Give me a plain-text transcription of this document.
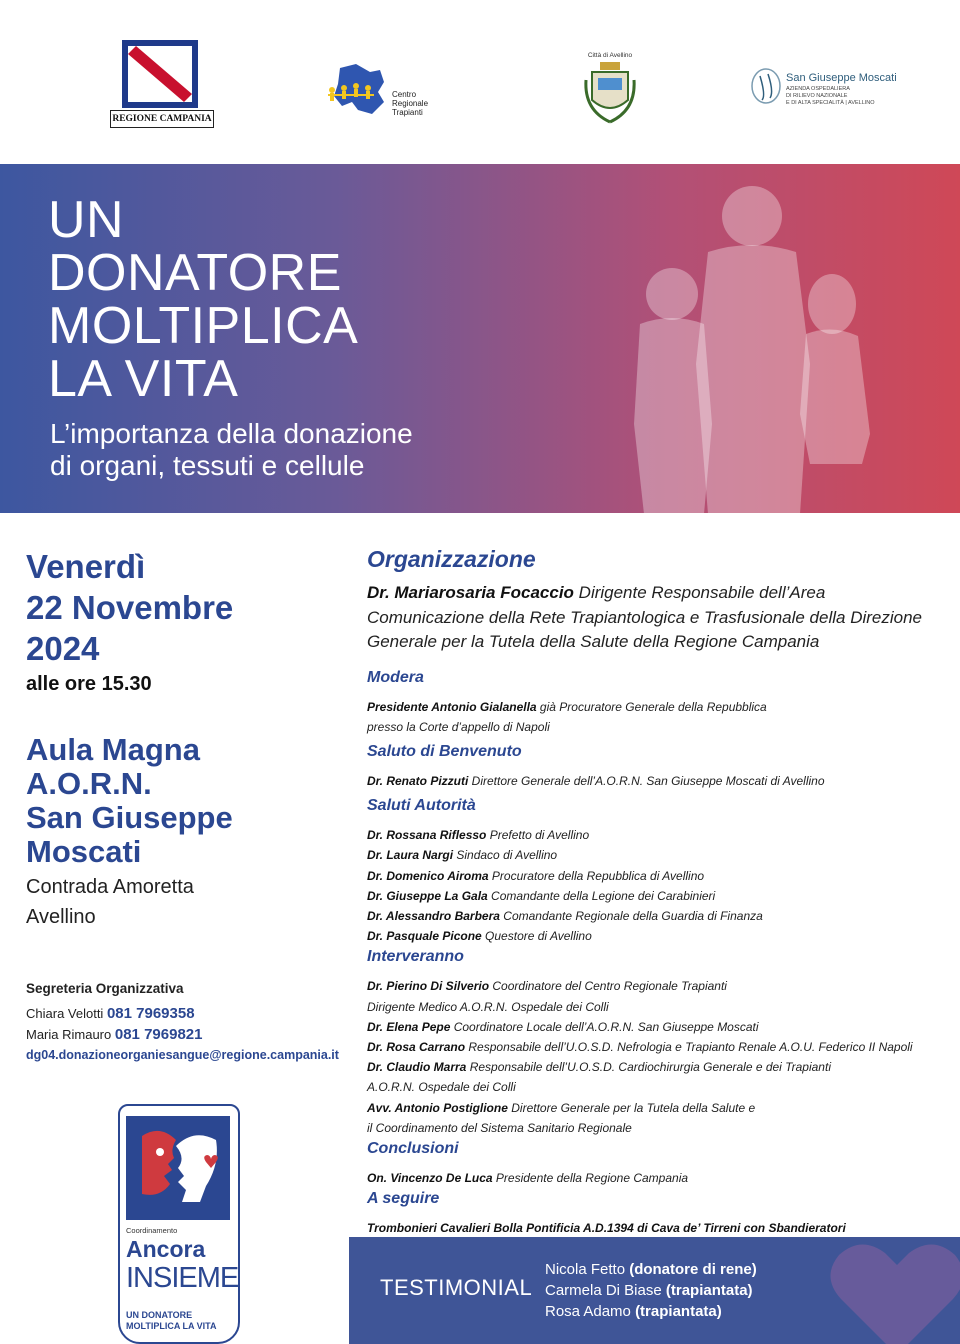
REGIONE CAMPANIA
Centro
Regionale
Trapianti
Città di Avellino
San Giuseppe Moscati
AZIENDA OSPEDALIERA
DI RILIEVO NAZIONALE
E DI ALTA SPECIALITÀ | AVELLINO
UN
DONATORE
MOLTIPLICA
LA VITA
L’importanza della donazione
di organi, tessuti e cellule
Venerdì
22 Novembre
2024
alle ore 15.30
Aula Magna
A.O.R.N.
San Giuseppe
Moscati
Contrada Amoretta
Avellino
Segreteria Organizzativa
Chiara Velotti 081 7969358
Maria Rimauro 081 7969821
dg04.donazioneorganiesangue@regione.campania.it
Coordinamento
Ancora
INSIEME
UN DONATORE
MOLTIPLICA LA VITA
Organizzazione
Dr. Mariarosaria Focaccio Dirigente Responsabile dell’Area Comunicazione della Rete Trapiantologica e Trasfusionale della Direzione Generale per la Tutela della Salute della Regione Campania
Modera
Presidente Antonio Gialanella già Procuratore Generale della Repubblica
presso la Corte d’appello di Napoli
Saluto di Benvenuto
Dr. Renato Pizzuti Direttore Generale dell’A.O.R.N. San Giuseppe Moscati di Avellino
Saluti Autorità
Dr. Rossana Riflesso Prefetto di Avellino
Dr. Laura Nargi Sindaco di Avellino
Dr. Domenico Airoma Procuratore della Repubblica di Avellino
Dr. Giuseppe La Gala Comandante della Legione dei Carabinieri
Dr. Alessandro Barbera Comandante Regionale della Guardia di Finanza
Dr. Pasquale Picone Questore di Avellino
Interveranno
Dr. Pierino Di Silverio Coordinatore del Centro Regionale Trapianti
Dirigente Medico A.O.R.N. Ospedale dei Colli
Dr. Elena Pepe Coordinatore Locale dell’A.O.R.N. San Giuseppe Moscati
Dr. Rosa Carrano Responsabile dell’U.O.S.D. Nefrologia e Trapianto Renale A.O.U. Federico II Napoli
Dr. Claudio Marra Responsabile dell’U.O.S.D. Cardiochirurgia Generale e dei Trapianti
A.O.R.N. Ospedale dei Colli
Avv. Antonio Postiglione Direttore Generale per la Tutela della Salute e
il Coordinamento del Sistema Sanitario Regionale
Conclusioni
On. Vincenzo De Luca Presidente della Regione Campania
A seguire
Trombonieri Cavalieri Bolla Pontificia A.D.1394 di Cava de’ Tirreni con Sbandieratori
TESTIMONIAL
Nicola Fetto (donatore di rene)
Carmela Di Biase (trapiantata)
Rosa Adamo (trapiantata)
